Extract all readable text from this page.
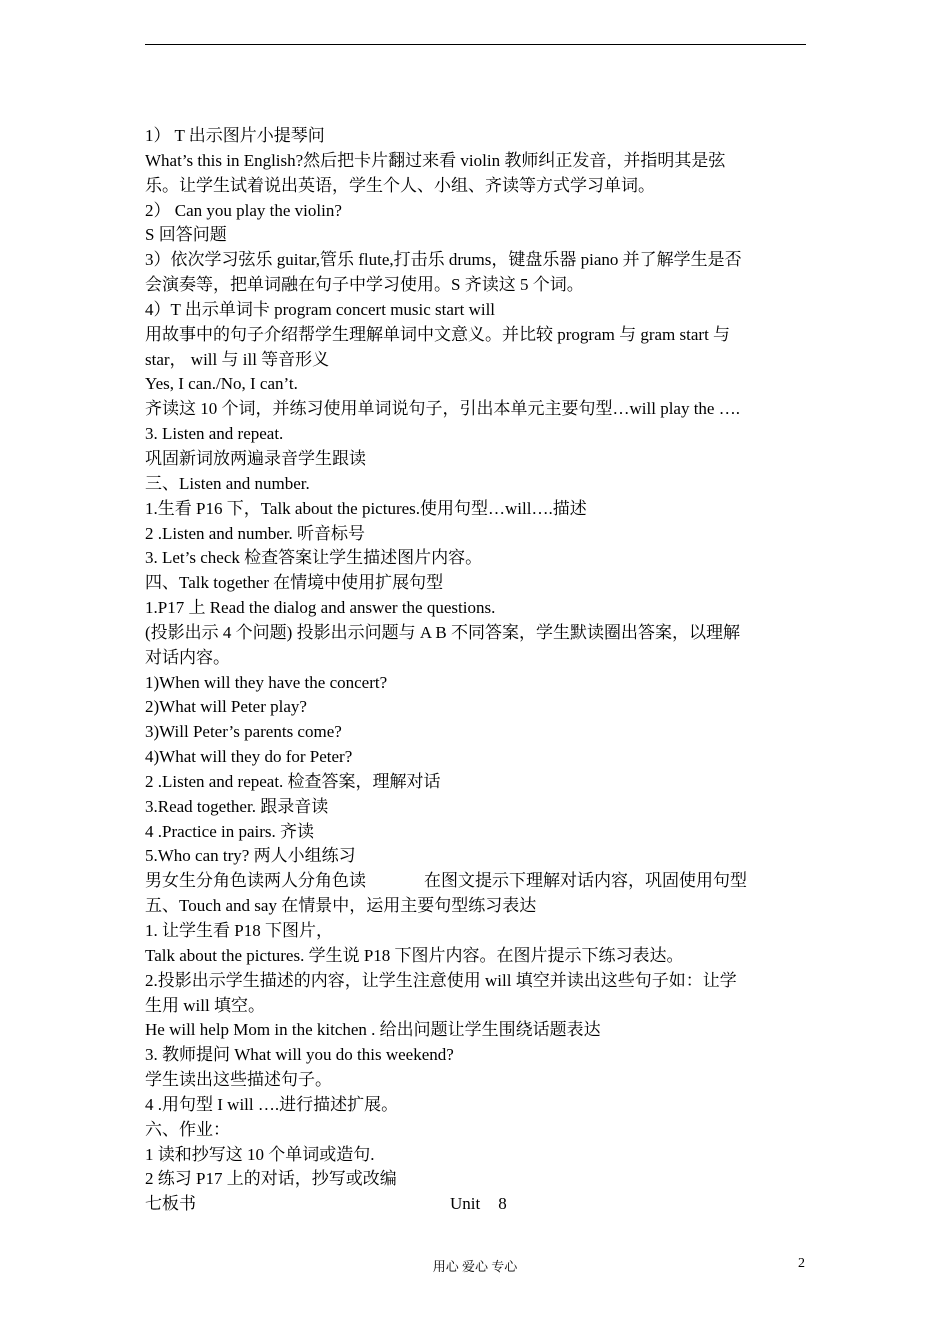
1） T 出示图片小提琴问
What’s this in English?然后把卡片翻过来看 violin 教师纠正发音，并指明其是弦
乐。让学生试着说出英语，学生个人、小组、齐读等方式学习单词。
2） Can you play the violin?
S 回答问题
3）依次学习弦乐 guitar,管乐 flute,打击乐 drums，键盘乐器 piano 并了解学生是否
会演奏等，把单词融在句子中学习使用。S 齐读这 5 个词。
4）T 出示单词卡 program concert music start will
用故事中的句子介绍帮学生理解单词中文意义。并比较 program 与 gram start 与
star， will 与 ill 等音形义
Yes, I can./No, I can’t.
齐读这 10 个词，并练习使用单词说句子，引出本单元主要句型…will play the ….
3. Listen and repeat.
巩固新词放两遍录音学生跟读
三、Listen and number.
1.生看 P16 下，Talk about the pictures.使用句型…will….描述
2 .Listen and number. 听音标号
3. Let’s check 检查答案让学生描述图片内容。
四、Talk together 在情境中使用扩展句型
1.P17 上 Read the dialog and answer the questions.
(投影出示 4 个问题) 投影出示问题与 A B 不同答案，学生默读圈出答案，以理解
对话内容。
1)When will they have the concert?
2)What will Peter play?
3)Will Peter’s parents come?
4)What will they do for Peter?
2 .Listen and repeat. 检查答案，理解对话
3.Read together. 跟录音读
4 .Practice in pairs. 齐读
5.Who can try? 两人小组练习
男女生分角色读两人分角色读	在图文提示下理解对话内容，巩固使用句型
五、Touch and say 在情景中，运用主要句型练习表达
1. 让学生看 P18 下图片，
Talk about the pictures. 学生说 P18 下图片内容。在图片提示下练习表达。
2.投影出示学生描述的内容，让学生注意使用 will 填空并读出这些句子如：让学
生用 will 填空。
He will help Mom in the kitchen . 给出问题让学生围绕话题表达
3. 教师提问 What will you do this weekend?
学生读出这些描述句子。
4 .用句型 I will ….进行描述扩展。
六、作业：
1 读和抄写这 10 个单词或造句.
2 练习 P17 上的对话，抄写或改编
七板书	Unit 8
用心 爱心 专心	2
